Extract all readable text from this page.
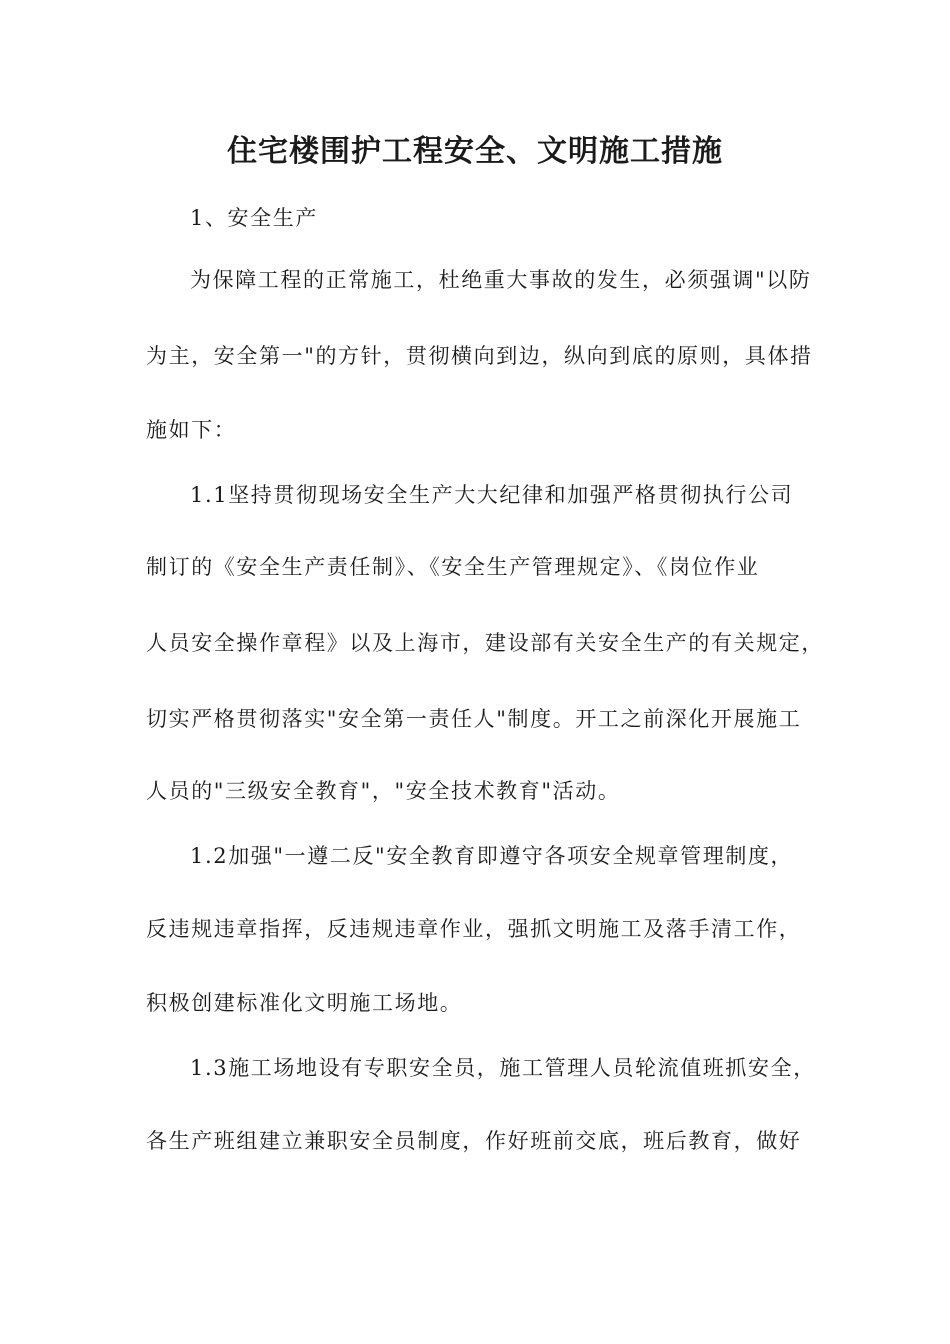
住宅楼围护工程安全、文明施工措施
1、安全生产
为保障工程的正常施工，杜绝重大事故的发生，必须强调"以防
为主，安全第一"的方针，贯彻横向到边，纵向到底的原则，具体措
施如下：
1.1坚持贯彻现场安全生产大大纪律和加强严格贯彻执行公司
制订的《安全生产责任制》、《安全生产管理规定》、《岗位作业
人员安全操作章程》以及上海市，建设部有关安全生产的有关规定，
切实严格贯彻落实"安全第一责任人"制度。开工之前深化开展施工
人员的"三级安全教育"，"安全技术教育"活动。
1.2加强"一遵二反"安全教育即遵守各项安全规章管理制度，
反违规违章指挥，反违规违章作业，强抓文明施工及落手清工作，
积极创建标准化文明施工场地。
1.3施工场地设有专职安全员，施工管理人员轮流值班抓安全，
各生产班组建立兼职安全员制度，作好班前交底，班后教育，做好
